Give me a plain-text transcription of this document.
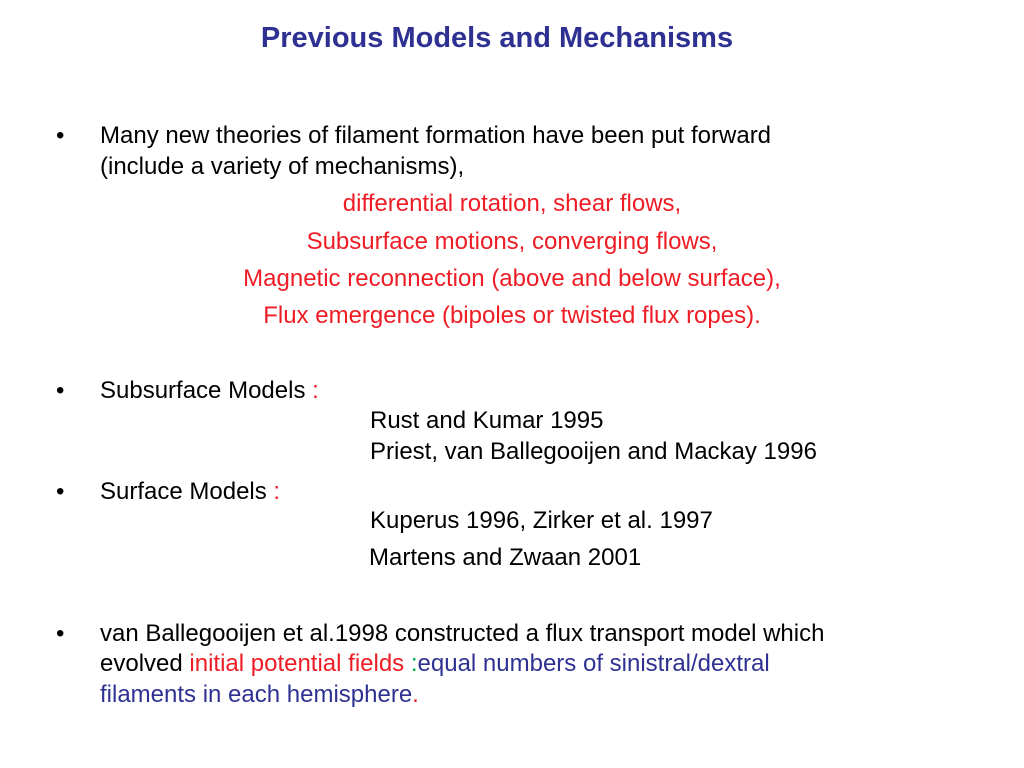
Previous Models and Mechanisms
• Many new theories of filament formation have been put forward
(include a variety of mechanisms),
differential rotation, shear flows,
Subsurface motions, converging flows,
Magnetic reconnection (above and below surface),
Flux emergence (bipoles or twisted flux ropes).
• Subsurface Models :
Rust and Kumar 1995
Priest, van Ballegooijen and Mackay 1996
• Surface Models :
Kuperus 1996, Zirker et al. 1997
Martens and Zwaan 2001
• van Ballegooijen et al.1998 constructed a flux transport model which
evolved initial potential fields :equal numbers of sinistral/dextral
filaments in each hemisphere.
